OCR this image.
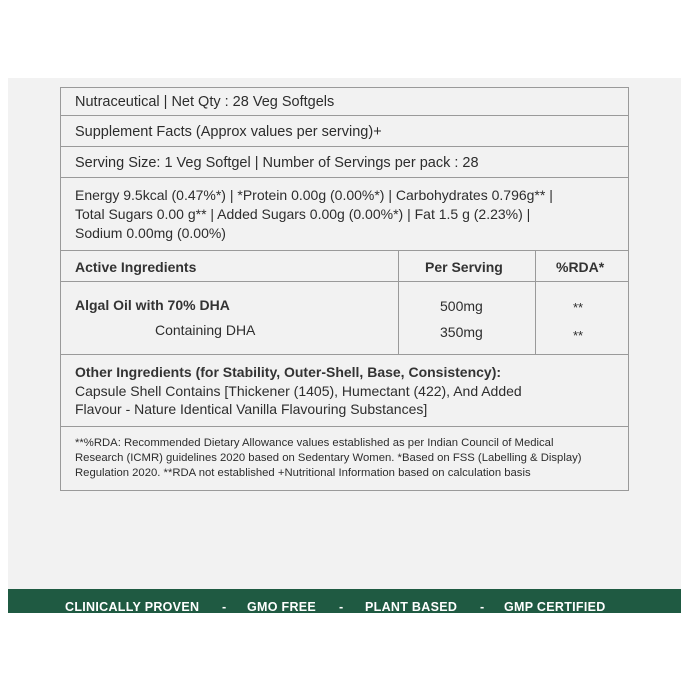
Nutraceutical | Net Qty : 28 Veg Softgels
Supplement Facts (Approx values per serving)+
Serving Size: 1 Veg Softgel | Number of Servings per pack : 28
Energy 9.5kcal (0.47%*) | *Protein 0.00g (0.00%*) | Carbohydrates 0.796g** |
Total Sugars 0.00 g** | Added Sugars 0.00g (0.00%*) | Fat 1.5 g (2.23%) |
Sodium 0.00mg (0.00%)
Active Ingredients	Per Serving	%RDA*
Algal Oil with 70% DHA	500mg	**
Containing DHA	350mg	**
Other Ingredients (for Stability, Outer-Shell, Base, Consistency):
Capsule Shell Contains [Thickener (1405), Humectant (422), And Added
Flavour - Nature Identical Vanilla Flavouring Substances]
**%RDA: Recommended Dietary Allowance values established as per Indian Council of Medical
Research (ICMR) guidelines 2020 based on Sedentary Women. *Based on FSS (Labelling & Display)
Regulation 2020. **RDA not established +Nutritional Information based on calculation basis
CLINICALLY PROVEN - GMO FREE - PLANT BASED - GMP CERTIFIED
